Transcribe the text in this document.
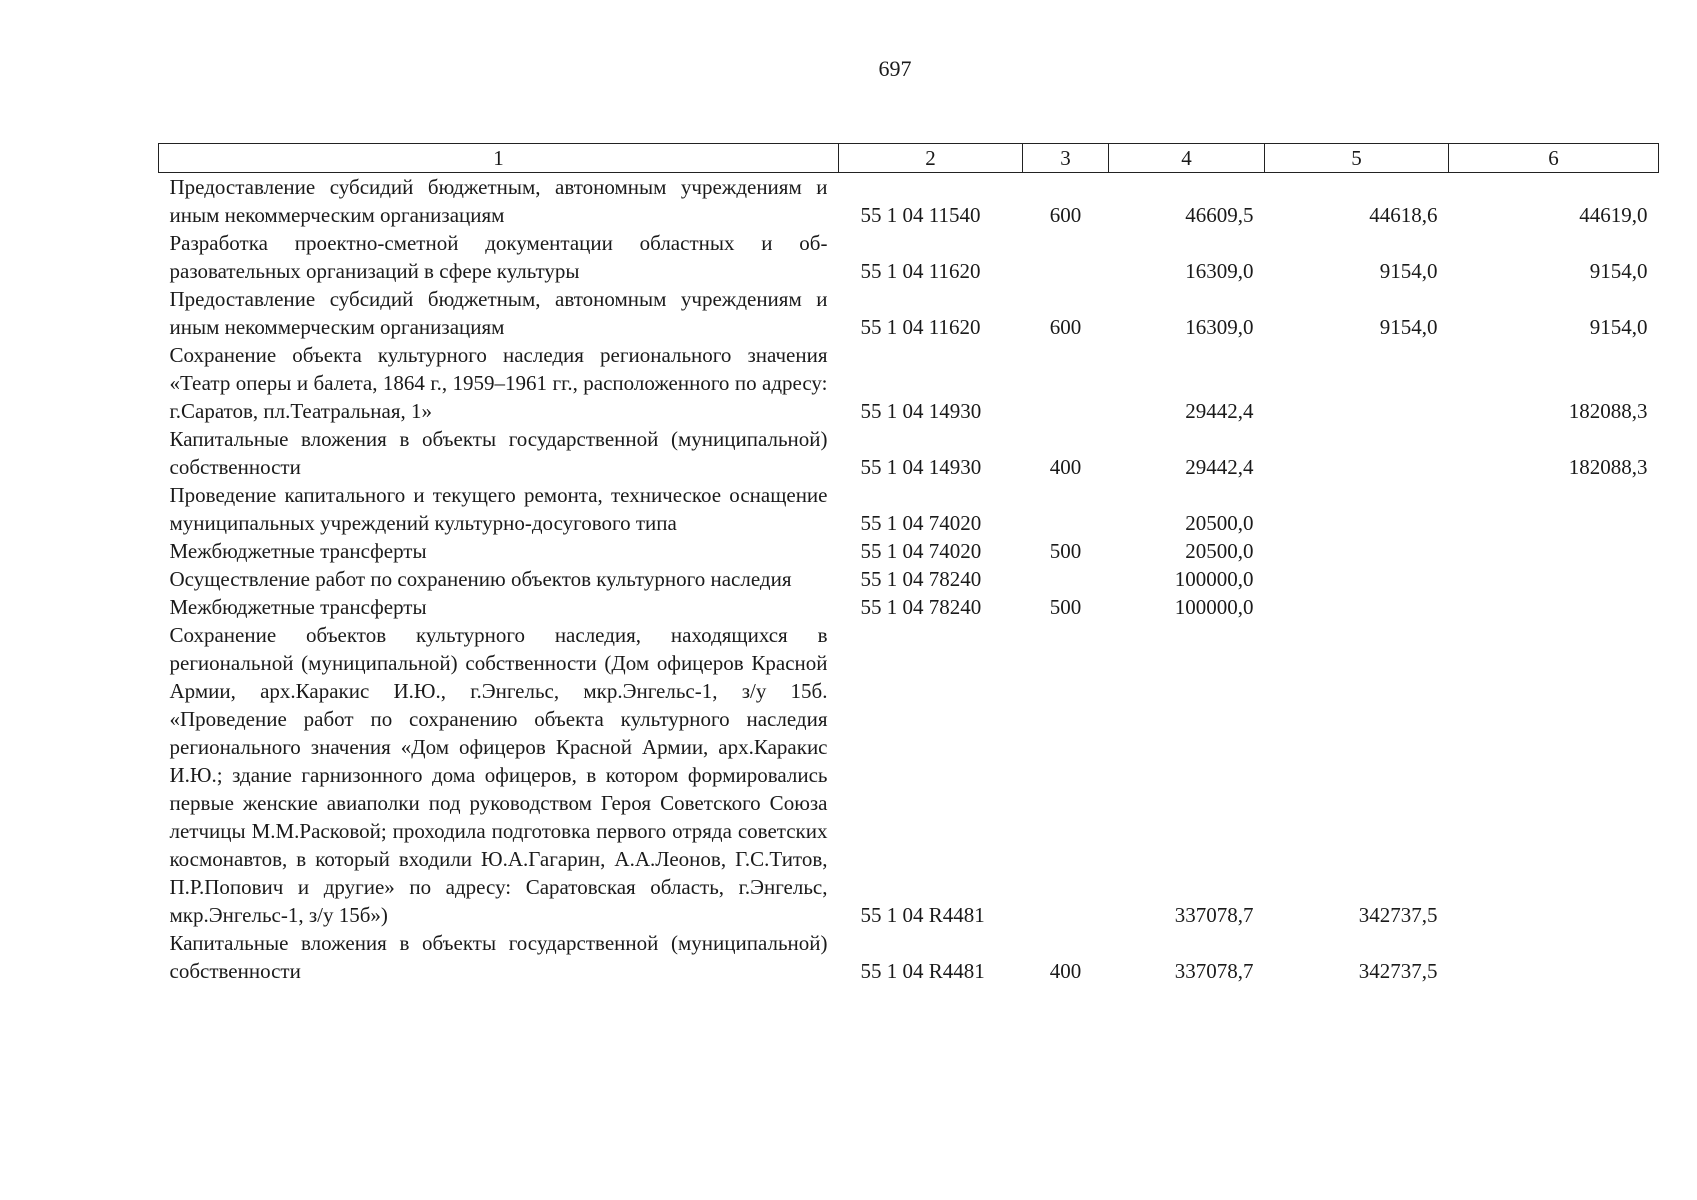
697
1	2	3	4	5	6
Предоставление субсидий бюджетным, автономным учреждениям и иным некоммерческим организациям	55 1 04 11540	600	46609,5	44618,6	44619,0
Разработка проектно-сметной документации областных и образовательных организаций в сфере культуры	55 1 04 11620		16309,0	9154,0	9154,0
Предоставление субсидий бюджетным, автономным учреждениям и иным некоммерческим организациям	55 1 04 11620	600	16309,0	9154,0	9154,0
Сохранение объекта культурного наследия регионального значения «Театр оперы и балета, 1864 г., 1959–1961 гг., расположенного по адресу: г.Саратов, пл.Театральная, 1»	55 1 04 14930		29442,4		182088,3
Капитальные вложения в объекты государственной (муниципальной) собственности	55 1 04 14930	400	29442,4		182088,3
Проведение капитального и текущего ремонта, техническое оснащение муниципальных учреждений культурно-досугового типа	55 1 04 74020		20500,0		
Межбюджетные трансферты	55 1 04 74020	500	20500,0		
Осуществление работ по сохранению объектов культурного наследия	55 1 04 78240		100000,0		
Межбюджетные трансферты	55 1 04 78240	500	100000,0		
Сохранение объектов культурного наследия, находящихся в региональной (муниципальной) собственности (Дом офицеров Красной Армии, арх.Каракис И.Ю., г.Энгельс, мкр.Энгельс-1, з/у 15б. «Проведение работ по сохранению объекта культурного наследия регионального значения «Дом офицеров Красной Армии, арх.Каракис И.Ю.; здание гарнизонного дома офицеров, в котором формировались первые женские авиаполки под руководством Героя Советского Союза летчицы М.М.Расковой; проходила подготовка первого отряда советских космонавтов, в который входили Ю.А.Гагарин, А.А.Леонов, Г.С.Титов, П.Р.Попович и другие» по адресу: Саратовская область, г.Энгельс, мкр.Энгельс-1, з/у 15б»)	55 1 04 R4481		337078,7	342737,5	
Капитальные вложения в объекты государственной (муниципальной) собственности	55 1 04 R4481	400	337078,7	342737,5	
